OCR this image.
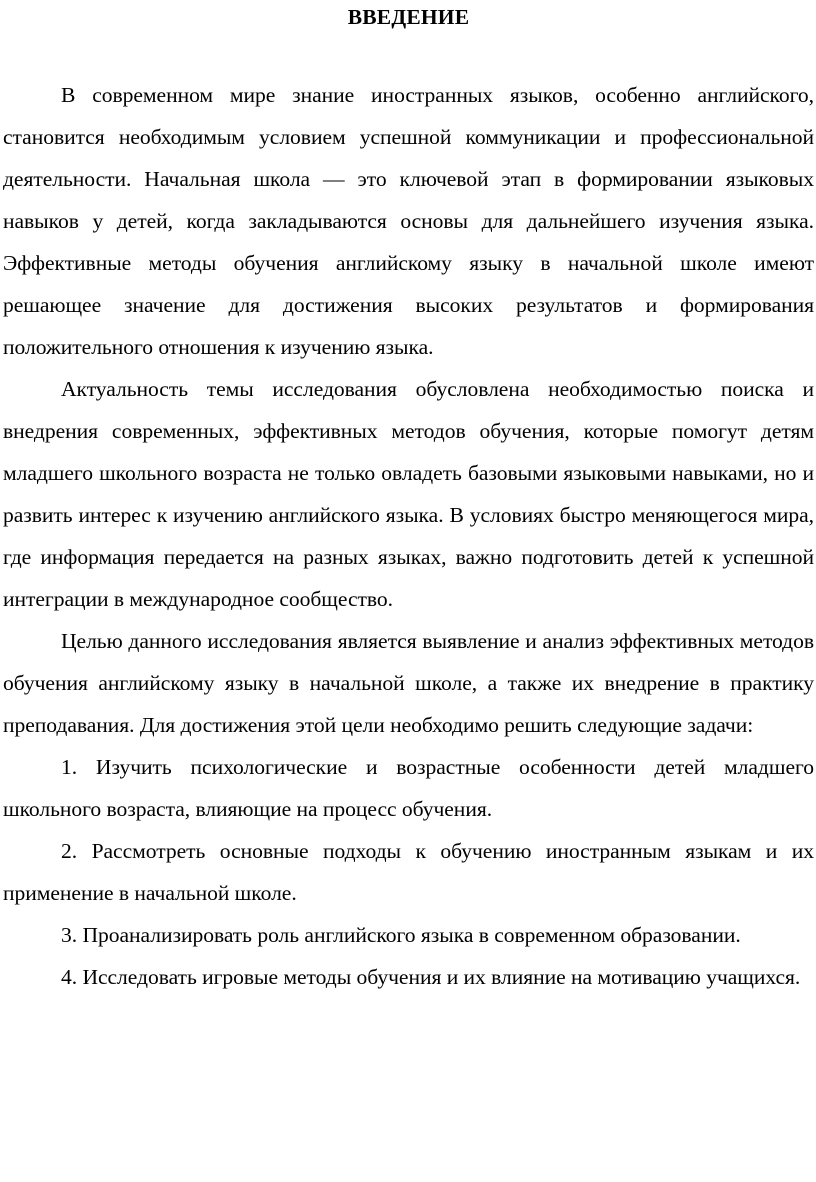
ВВЕДЕНИЕ

В современном мире знание иностранных языков, особенно английского, становится необходимым условием успешной коммуникации и профессиональной деятельности. Начальная школа — это ключевой этап в формировании языковых навыков у детей, когда закладываются основы для дальнейшего изучения языка. Эффективные методы обучения английскому языку в начальной школе имеют решающее значение для достижения высоких результатов и формирования положительного отношения к изучению языка.

Актуальность темы исследования обусловлена необходимостью поиска и внедрения современных, эффективных методов обучения, которые помогут детям младшего школьного возраста не только овладеть базовыми языковыми навыками, но и развить интерес к изучению английского языка. В условиях быстро меняющегося мира, где информация передается на разных языках, важно подготовить детей к успешной интеграции в международное сообщество.

Целью данного исследования является выявление и анализ эффективных методов обучения английскому языку в начальной школе, а также их внедрение в практику преподавания. Для достижения этой цели необходимо решить следующие задачи:

1. Изучить психологические и возрастные особенности детей младшего школьного возраста, влияющие на процесс обучения.

2. Рассмотреть основные подходы к обучению иностранным языкам и их применение в начальной школе.

3. Проанализировать роль английского языка в современном образовании.

4. Исследовать игровые методы обучения и их влияние на мотивацию учащихся.
